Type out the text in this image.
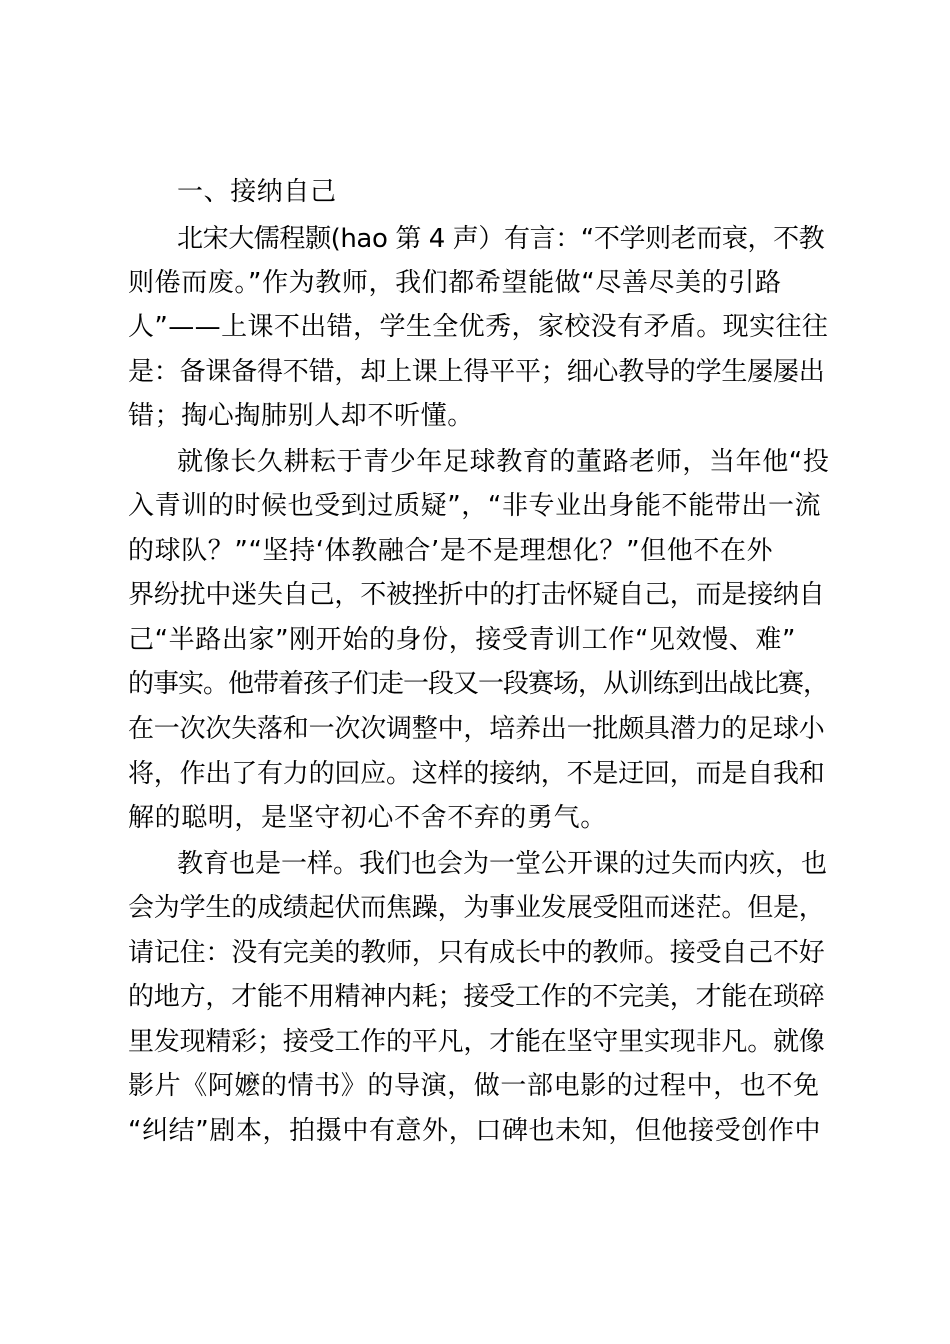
一、接纳自己
北宋大儒程颢(hao 第 4 声）有言：“不学则老而衰，不教
则倦而废。”作为教师，我们都希望能做“尽善尽美的引路
人”——上课不出错，学生全优秀，家校没有矛盾。现实往往
是：备课备得不错，却上课上得平平；细心教导的学生屡屡出
错；掏心掏肺别人却不听懂。
就像长久耕耘于青少年足球教育的董路老师，当年他“投
入青训的时候也受到过质疑”，“非专业出身能不能带出一流
的球队？”“坚持‘体教融合’是不是理想化？”但他不在外
界纷扰中迷失自己，不被挫折中的打击怀疑自己，而是接纳自
己“半路出家”刚开始的身份，接受青训工作“见效慢、难”
的事实。他带着孩子们走一段又一段赛场，从训练到出战比赛，
在一次次失落和一次次调整中，培养出一批颇具潜力的足球小
将，作出了有力的回应。这样的接纳，不是迂回，而是自我和
解的聪明，是坚守初心不舍不弃的勇气。
教育也是一样。我们也会为一堂公开课的过失而内疚，也
会为学生的成绩起伏而焦躁，为事业发展受阻而迷茫。但是，
请记住：没有完美的教师，只有成长中的教师。接受自己不好
的地方，才能不用精神内耗；接受工作的不完美，才能在琐碎
里发现精彩；接受工作的平凡，才能在坚守里实现非凡。就像
影片《阿嬷的情书》的导演，做一部电影的过程中，也不免
“纠结”剧本，拍摄中有意外，口碑也未知，但他接受创作中
